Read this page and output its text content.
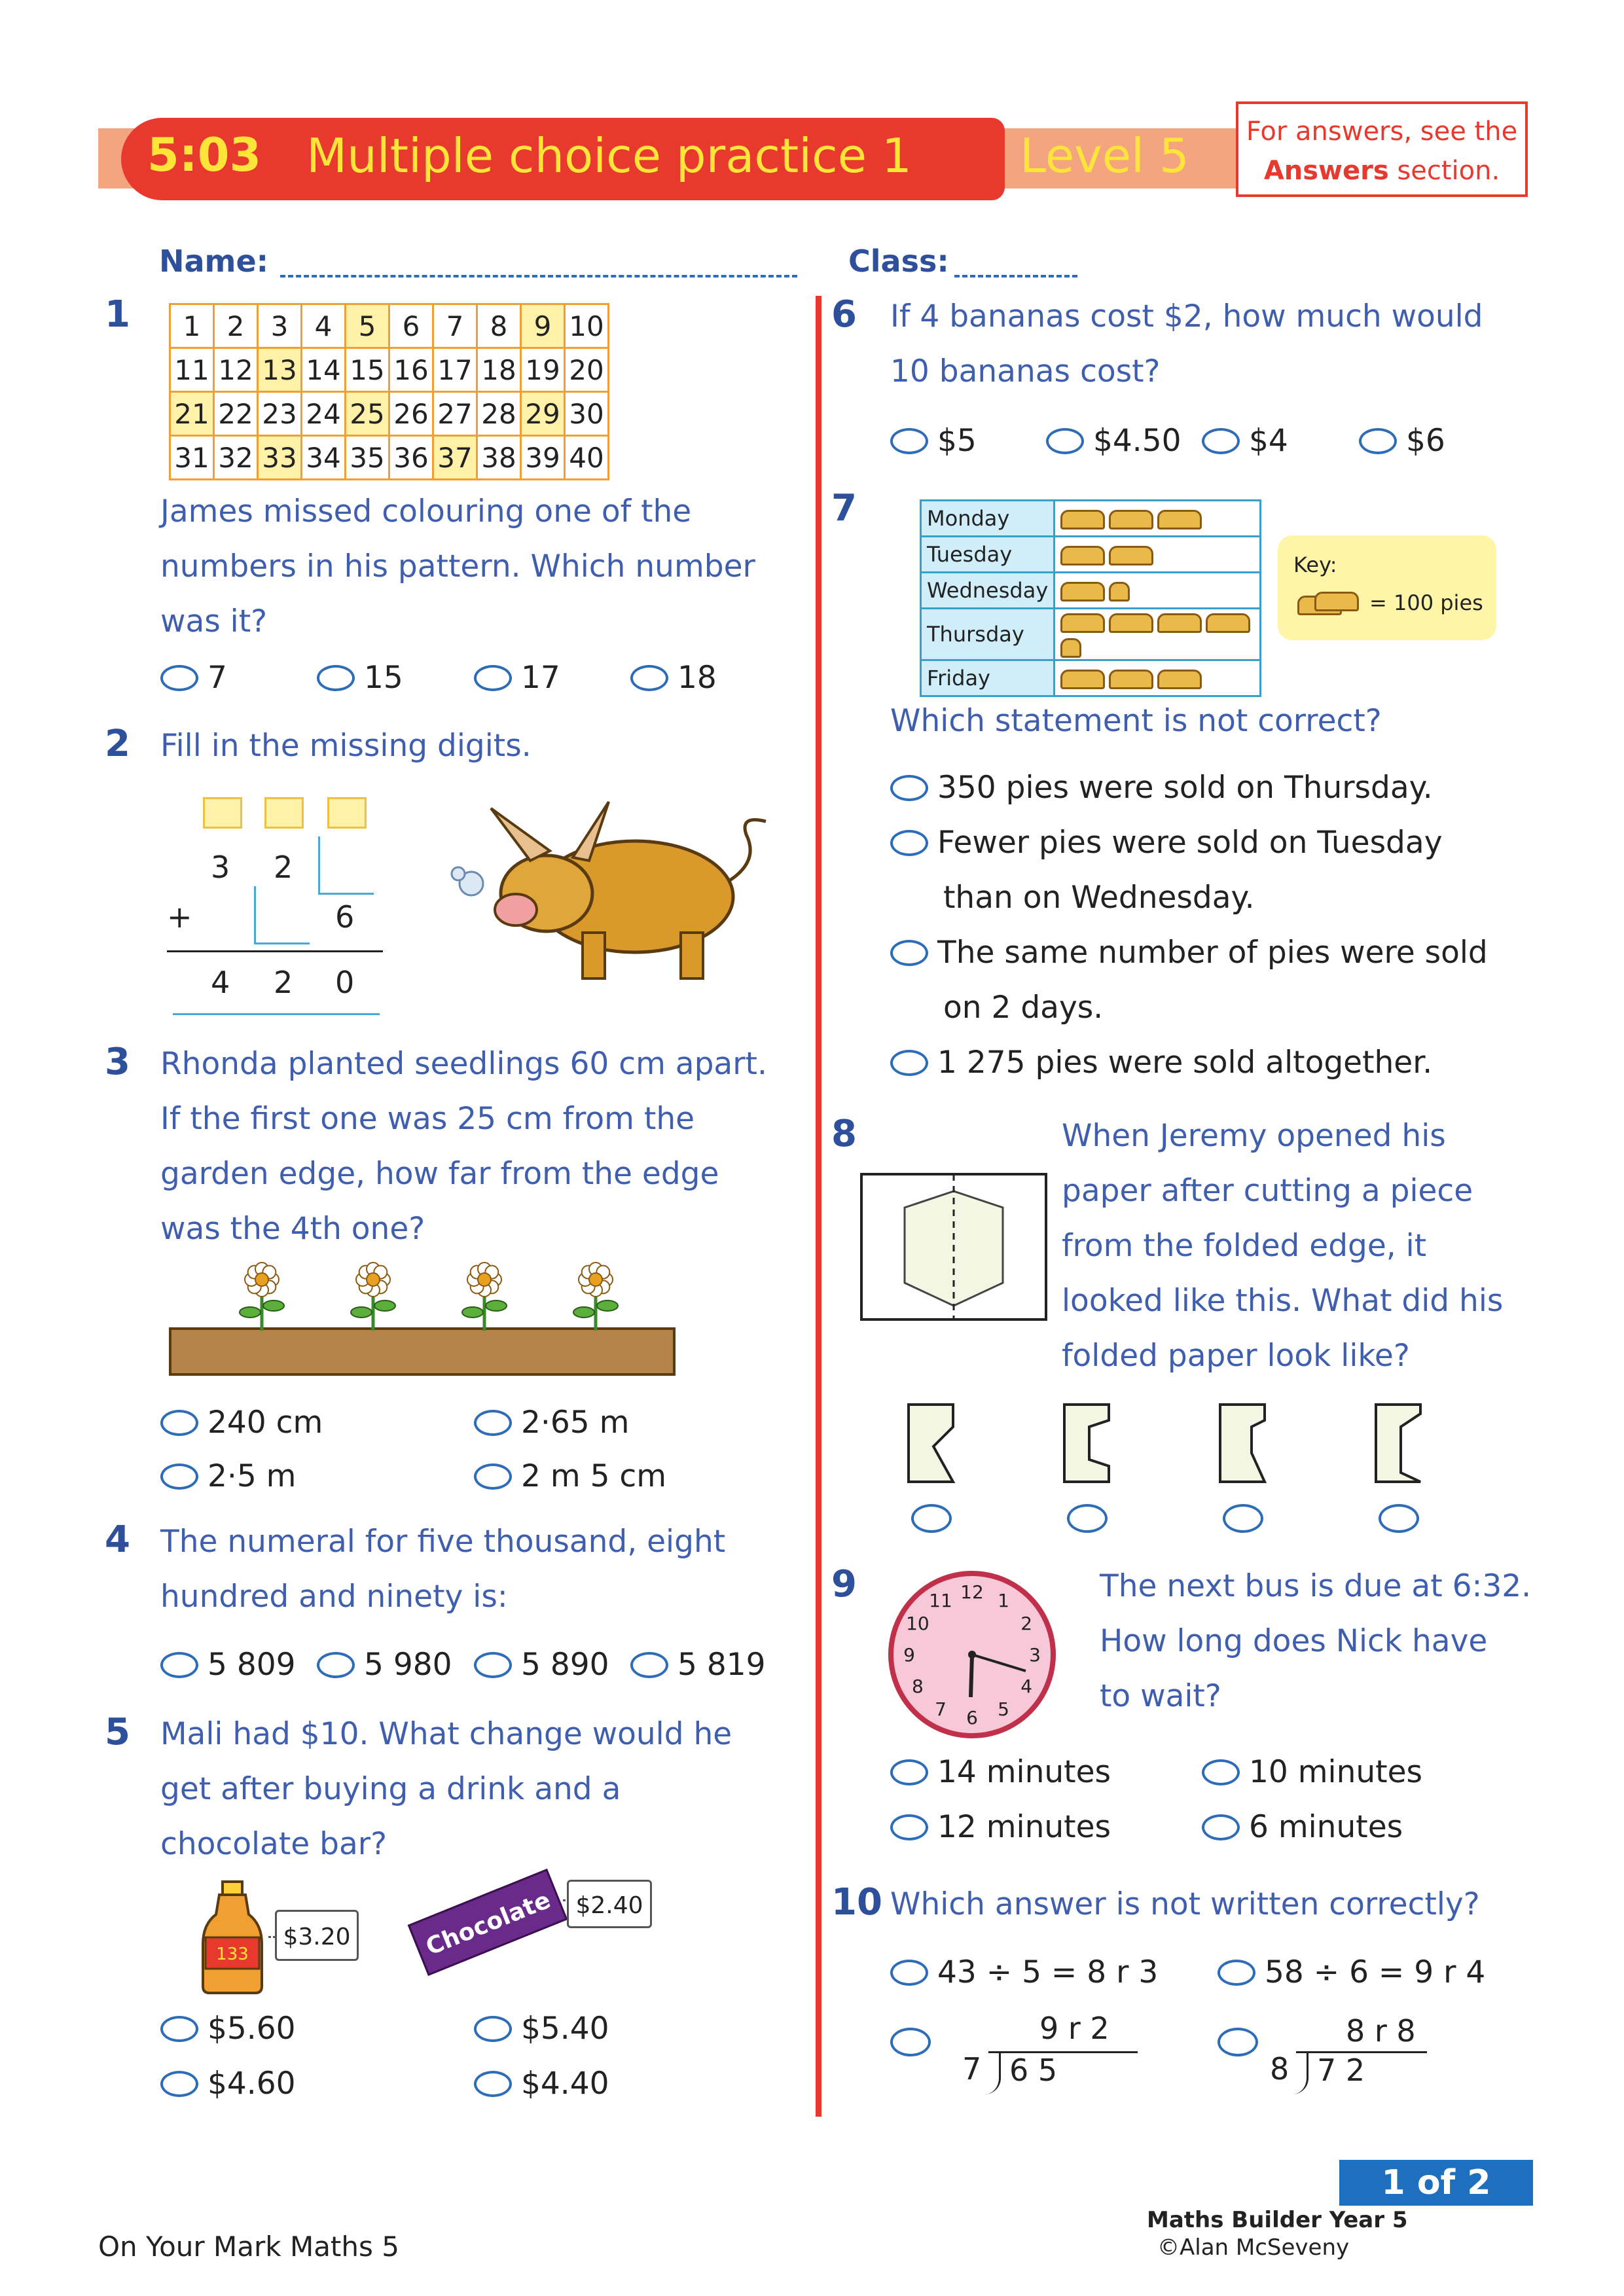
5:03 Multiple choice practice 1 Level 5	For answers, see the
Answers section.
Name:	Class:
1 1	2	3	4	5	6	7	8	9	10
11	12	13	14	15	16	17	18	19	20
21	22	23	24	25	26	27	28	29	30
31	32	33	34	35	36	37	38	39	40
James missed colouring one of the
numbers in his pattern. Which number
was it?
7	15	17	18
2 Fill in the missing digits.
3 2
+	6
4 2 0
3 Rhonda planted seedlings 60 cm apart.
If the first one was 25 cm from the
garden edge, how far from the edge
was the 4th one?
240 cm	2·65 m
2·5 m	2 m 5 cm
4 The numeral for five thousand, eight
hundred and ninety is:
5 809 5 980 5 890 5 819
5 Mali had $10. What change would he
get after buying a drink and a
chocolate bar?
133
$3.20	Chocolate $2.40
$5.60	$5.40
$4.60	$4.40
6 If 4 bananas cost $2, how much would
10 bananas cost?
$5	$4.50 $4	$6
7	Monday	
Tuesday	
Wednesday	
Thursday	
Friday	
Key:
= 100 pies
Which statement is not correct?
350 pies were sold on Thursday.
Fewer pies were sold on Tuesday
than on Wednesday.
The same number of pies were sold
on 2 days.
1 275 pies were sold altogether.
8	When Jeremy opened his
paper after cutting a piece
from the folded edge, it
looked like this. What did his
folded paper look like?
9	12 1
2
3
4
5
6
7
8
9
10
11	The next bus is due at 6:32.
How long does Nick have
to wait?
14 minutes	10 minutes
12 minutes	6 minutes
10 Which answer is not written correctly?
43 ÷ 5 = 8 r 3	58 ÷ 6 = 9 r 4
9 r 2
7 6 5
8 r 8
8 7 2
1 of 2
On Your Mark Maths 5
Maths Builder Year 5
©Alan McSeveny
